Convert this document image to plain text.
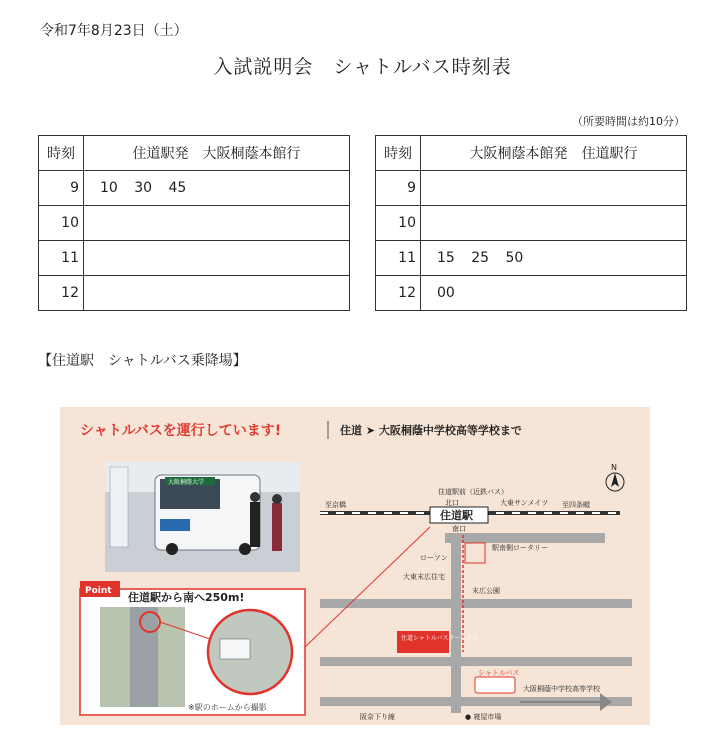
令和7年8月23日（土）
入試説明会　シャトルバス時刻表
（所要時間は約10分）
時刻	住道駅発　大阪桐蔭本館行
9	10 30 45
10	
11	
12	
時刻	大阪桐蔭本館発　住道駅行
9	
10	
11	15 25 50
12	00
【住道駅　シャトルバス乗降場】
シャトルバスを運行しています!	住道 ➤ 大阪桐蔭中学校高等学校まで
大阪桐蔭大学
Point 住道駅から南へ250m!
※駅のホームから撮影
至京橋	至四条畷
住道駅前（近鉄バス）
北口	大東サンメイツ
住道駅
南口
駅南側ロータリー
ローソン
大東末広住宅
末広公園
住道シャトルバスターミナル
シャトルバス
大阪桐蔭中学校高等学校
阪奈下り線	● 寝屋市場
N
